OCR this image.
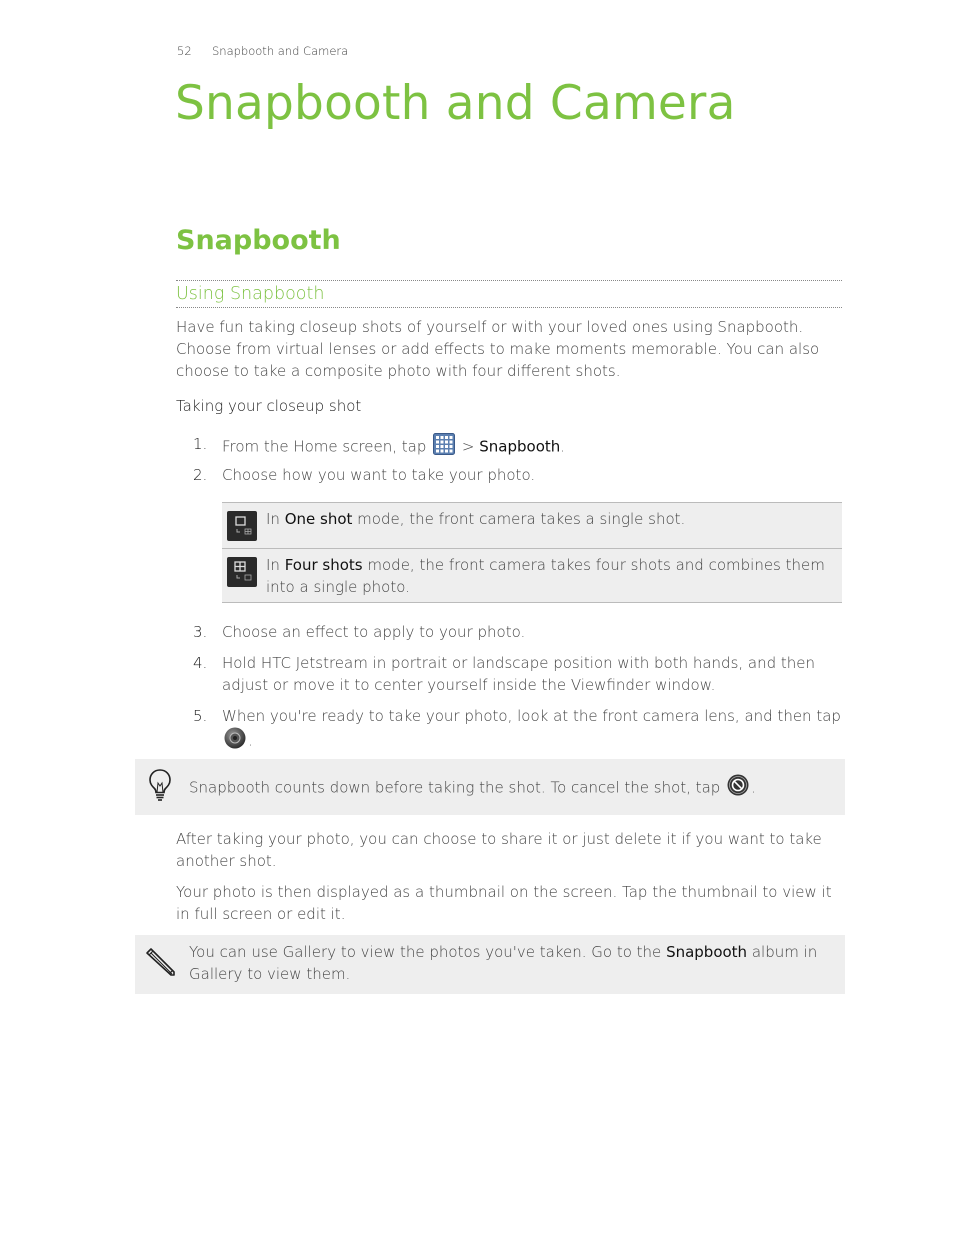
52 Snapbooth and Camera
Snapbooth and Camera
Snapbooth
Using Snapbooth
Have fun taking closeup shots of yourself or with your loved ones using Snapbooth. Choose from virtual lenses or add effects to make moments memorable. You can also choose to take a composite photo with four different shots.
Taking your closeup shot
1. From the Home screen, tap  > Snapbooth.
2. Choose how you want to take your photo.
In One shot mode, the front camera takes a single shot.
In Four shots mode, the front camera takes four shots and combines them into a single photo.
3. Choose an effect to apply to your photo.
4. Hold HTC Jetstream in portrait or landscape position with both hands, and then adjust or move it to center yourself inside the Viewfinder window.
5. When you're ready to take your photo, look at the front camera lens, and then tap .
Snapbooth counts down before taking the shot. To cancel the shot, tap .
After taking your photo, you can choose to share it or just delete it if you want to take another shot.
Your photo is then displayed as a thumbnail on the screen. Tap the thumbnail to view it in full screen or edit it.
You can use Gallery to view the photos you've taken. Go to the Snapbooth album in Gallery to view them.
